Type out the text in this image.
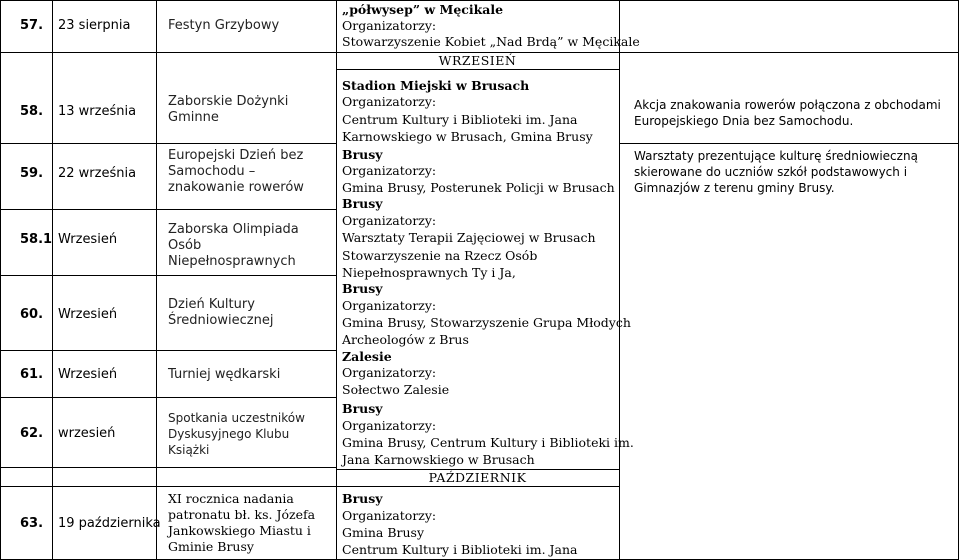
57. 23 sierpnia	Festyn Grzybowy
58. 13 września
Zaborskie Dożynki Gminne
Akcja znakowania rowerów połączona z obchodami Europejskiego Dnia bez Samochodu.
59. 22 września
Europejski Dzień bez Samochodu –znakowanie rowerów
Warsztaty prezentujące kulturę średniowieczną skierowane do uczniów szkół podstawowych i Gimnazjów z terenu gminy Brusy.
58.1 Wrzesień
Zaborska Olimpiada Osób Niepełnosprawnych
60. Wrzesień
Dzień Kultury Średniowiecznej
61. Wrzesień	Turniej wędkarski
62. wrzesień
Spotkania uczestników Dyskusyjnego Klubu Książki
63. 19 października
XI rocznica nadania patronatu bł. ks. Józefa Jankowskiego Miastu i Gminie Brusy
„półwysep” w Męcikale
Organizatorzy:
Stowarzyszenie Kobiet „Nad Brdą” w Męcikale
WRZESIEŃ
Stadion Miejski w Brusach
Organizatorzy:
Centrum Kultury i Biblioteki im. Jana
Karnowskiego w Brusach, Gmina Brusy
Brusy
Organizatorzy:
Gmina Brusy, Posterunek Policji w Brusach
Brusy
Organizatorzy:
Warsztaty Terapii Zajęciowej w Brusach
Stowarzyszenie na Rzecz Osób
Niepełnosprawnych Ty i Ja,
Brusy
Organizatorzy:
Gmina Brusy, Stowarzyszenie Grupa Młodych
Archeologów z Brus
Zalesie
Organizatorzy:
Sołectwo Zalesie
Brusy
Organizatorzy:
Gmina Brusy, Centrum Kultury i Biblioteki im.
Jana Karnowskiego w Brusach
PAŹDZIERNIK
Brusy
Organizatorzy:
Gmina Brusy
Centrum Kultury i Biblioteki im. Jana
